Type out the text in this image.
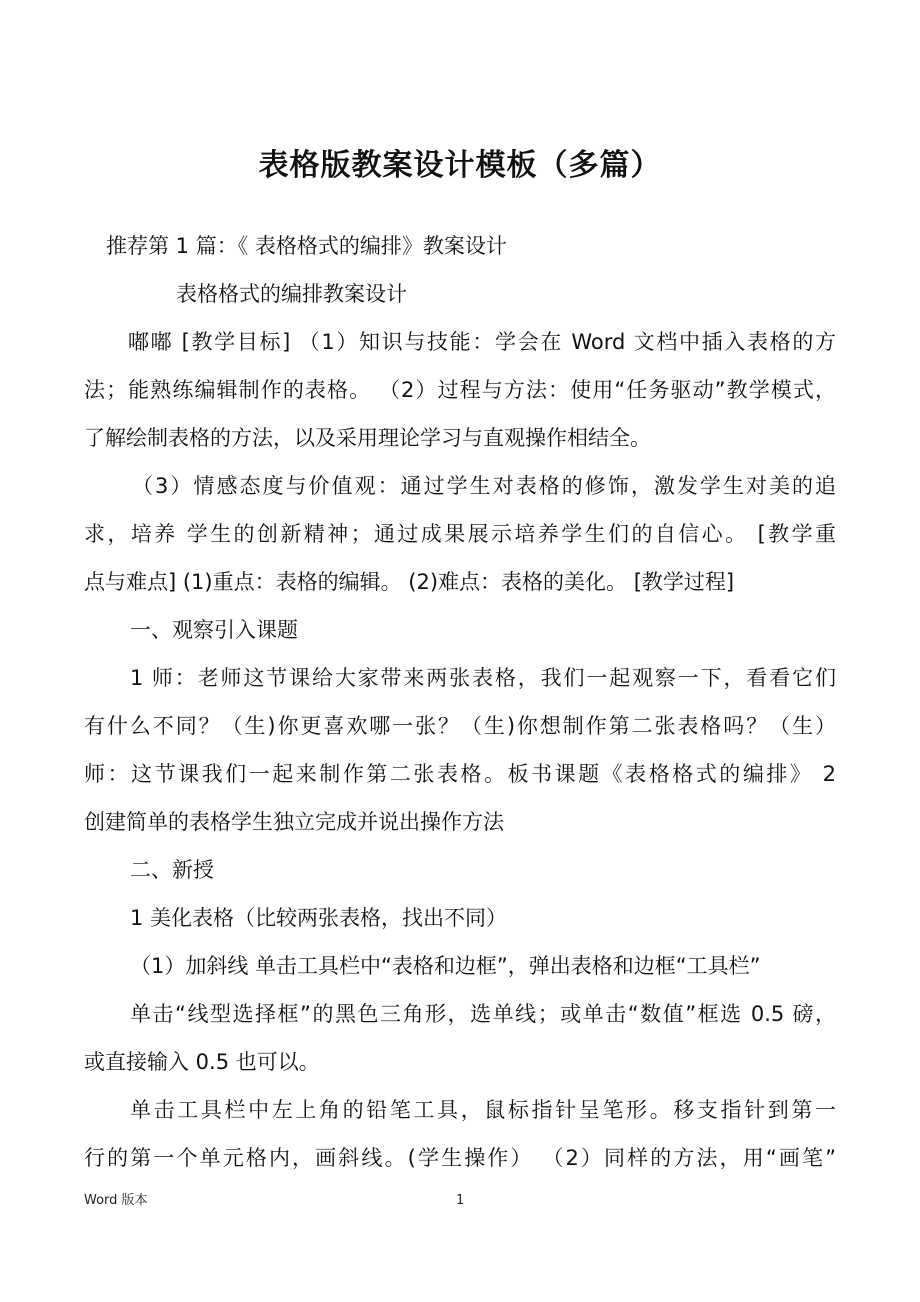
表格版教案设计模板（多篇）
推荐第 1 篇：《 表格格式的编排》教案设计
表格格式的编排教案设计
嘟嘟 [教学目标] （1）知识与技能：学会在 Word 文档中插入表格的方
法；能熟练编辑制作的表格。 （2）过程与方法：使用“任务驱动”教学模式，
了解绘制表格的方法，以及采用理论学习与直观操作相结全。
（3）情感态度与价值观：通过学生对表格的修饰，激发学生对美的追
求，培养 学生的创新精神；通过成果展示培养学生们的自信心。 [教学重
点与难点] (1)重点：表格的编辑。 (2)难点：表格的美化。 [教学过程]
一、观察引入课题
1 师：老师这节课给大家带来两张表格，我们一起观察一下，看看它们
有什么不同？（生)你更喜欢哪一张？（生)你想制作第二张表格吗？（生）
师：这节课我们一起来制作第二张表格。板书课题《表格格式的编排》 2
创建简单的表格学生独立完成并说出操作方法
二、新授
1 美化表格（比较两张表格，找出不同）
（1）加斜线 单击工具栏中“表格和边框”，弹出表格和边框“工具栏”
单击“线型选择框”的黑色三角形，选单线；或单击“数值”框选 0.5 磅，
或直接输入 0.5 也可以。
单击工具栏中左上角的铅笔工具，鼠标指针呈笔形。移支指针到第一
行的第一个单元格内，画斜线。(学生操作） （2）同样的方法，用“画笔”
Word 版本	1
